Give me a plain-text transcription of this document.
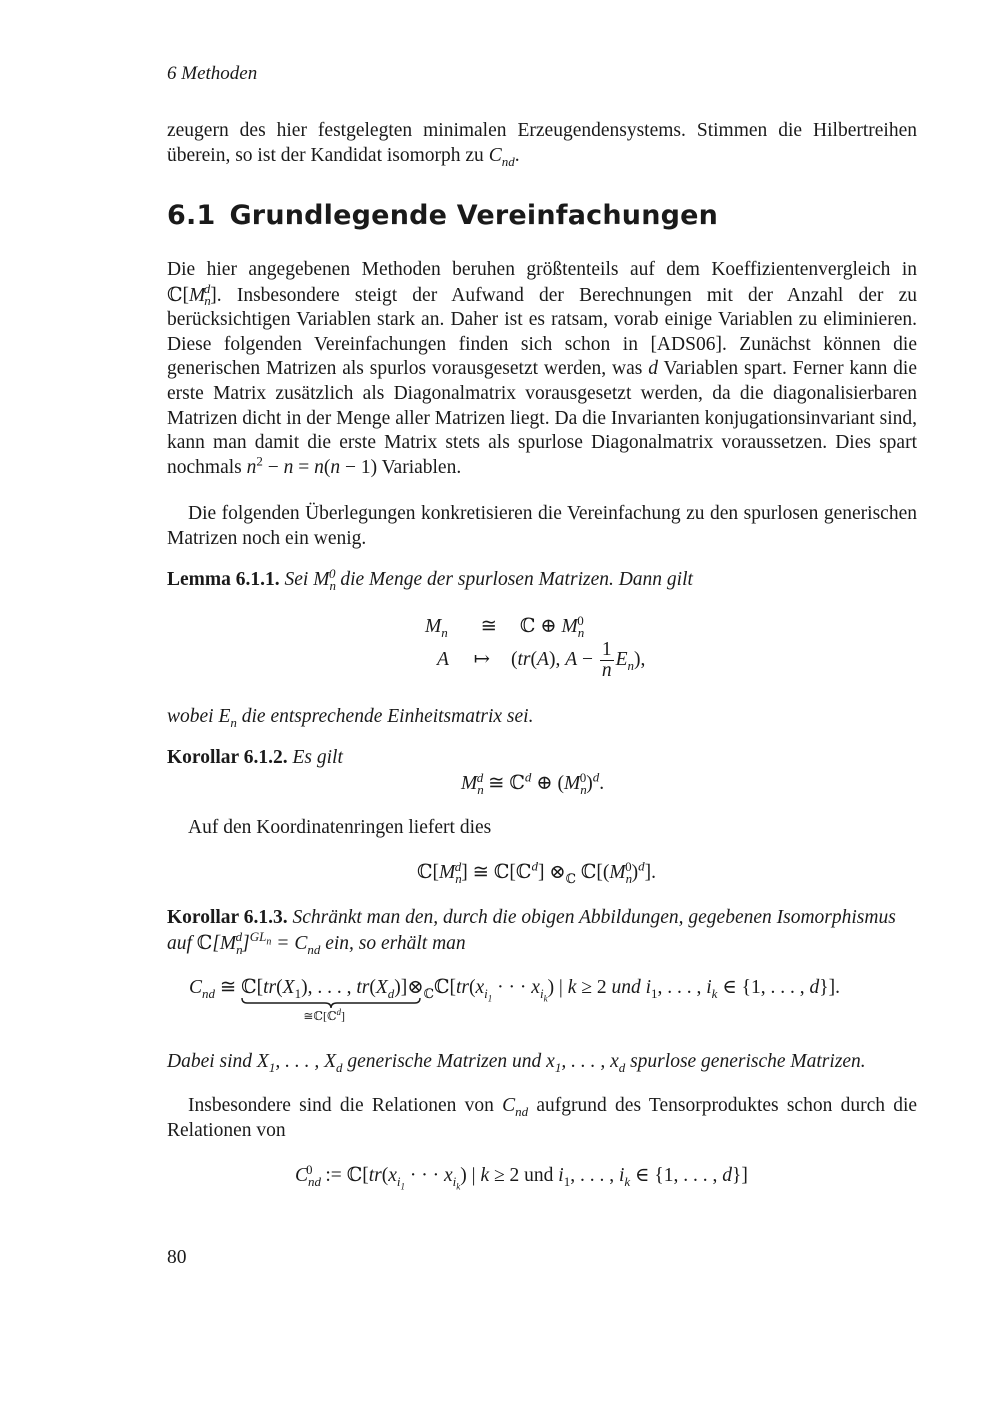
6 Methoden
zeugern des hier festgelegten minimalen Erzeugendensystems. Stimmen die Hilbertreihen überein, so ist der Kandidat isomorph zu $C_{nd}$.
6.1 Grundlegende Vereinfachungen
Die hier angegebenen Methoden beruhen größtenteils auf dem Koeffizientenvergleich in $ℂ[M_n^d]$. Insbesondere steigt der Aufwand der Berechnungen mit der Anzahl der zu berücksichtigen Variablen stark an. Daher ist es ratsam, vorab einige Variablen zu eliminieren. Diese folgenden Vereinfachungen finden sich schon in [ADS06]. Zunächst können die generischen Matrizen als spurlos vorausgesetzt werden, was d Variablen spart. Ferner kann die erste Matrix zusätzlich als Diagonalmatrix vorausgesetzt werden, da die diagonalisierbaren Matrizen dicht in der Menge aller Matrizen liegt. Da die Invarianten konjugationsinvariant sind, kann man damit die erste Matrix stets als spurlose Diagonalmatrix voraussetzen. Dies spart nochmals $n^2 - n = n(n - 1)$ Variablen.
Die folgenden Überlegungen konkretisieren die Vereinfachung zu den spurlosen generischen Matrizen noch ein wenig.
Lemma 6.1.1. Sei $M_n^0$ die Menge der spurlosen Matrizen. Dann gilt
$M_n$ ≅ ℂ ⊕ $M_n^0$
A ↦ (tr(A), $A - \frac{1}{n} E_n$),
wobei $E_n$ die entsprechende Einheitsmatrix sei.
Korollar 6.1.2. Es gilt
$M_n^d$ ≅ ℂ$^d$ ⊕ $(M_n^0)^d$.
Auf den Koordinatenringen liefert dies
$ℂ[M_n^d]$ ≅ ℂ[ℂ$^d$] $\otimes_ℂ$ $ℂ[(M_n^0)^d]$.
Korollar 6.1.3. Schränkt man den, durch die obigen Abbildungen, gegebenen Isomorphismus auf $ℂ[M_n^d]^{GL_n} = C_{nd}$ ein, so erhält man
$C_{nd}$ ≅ $ℂ[tr(X_1)$, . . . , $tr(X_d)$]
≅ℂ[ℂ$^d$]
$\otimes_ℂℂ[tr(x_{i_1}$ · · · $x_{i_k}$) | k ≥ 2 und $i_1$, . . . , $i_k$ ∈ {1, . . . , d}].
Dabei sind $X_1$, . . . , $X_d$ generische Matrizen und $x_1$, . . . , $x_d$ spurlose generische Matrizen.
Insbesondere sind die Relationen von $C_{nd}$ aufgrund des Tensorproduktes schon durch die Relationen von
$C_{nd}^0$ := $ℂ[tr(x_{i_1}$ · · · $x_{i_k}$) | k ≥ 2 und $i_1$, . . . , $i_k$ ∈ {1, . . . , d}]
80
